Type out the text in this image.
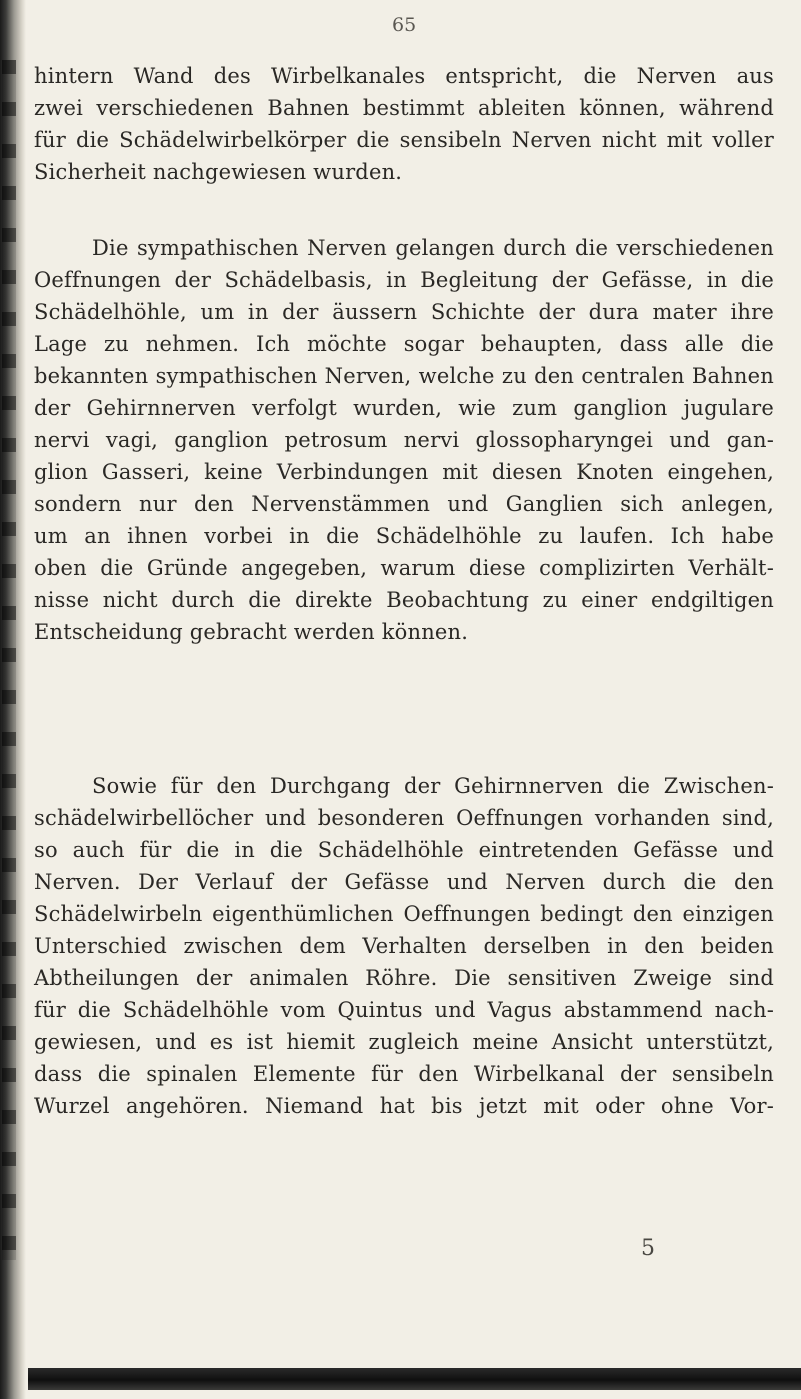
65
hintern Wand des Wirbelkanales entspricht, die Nerven aus
zwei verschiedenen Bahnen bestimmt ableiten können, während
für die Schädelwirbelkörper die sensibeln Nerven nicht mit voller
Sicherheit nachgewiesen wurden.
Die sympathischen Nerven gelangen durch die verschiedenen
Oeffnungen der Schädelbasis, in Begleitung der Gefässe, in die
Schädelhöhle, um in der äussern Schichte der dura mater ihre
Lage zu nehmen. Ich möchte sogar behaupten, dass alle die
bekannten sympathischen Nerven, welche zu den centralen Bahnen
der Gehirnnerven verfolgt wurden, wie zum ganglion jugulare
nervi vagi, ganglion petrosum nervi glossopharyngei und gan-
glion Gasseri, keine Verbindungen mit diesen Knoten eingehen,
sondern nur den Nervenstämmen und Ganglien sich anlegen,
um an ihnen vorbei in die Schädelhöhle zu laufen. Ich habe
oben die Gründe angegeben, warum diese complizirten Verhält-
nisse nicht durch die direkte Beobachtung zu einer endgiltigen
Entscheidung gebracht werden können.
Sowie für den Durchgang der Gehirnnerven die Zwischen-
schädelwirbellöcher und besonderen Oeffnungen vorhanden sind,
so auch für die in die Schädelhöhle eintretenden Gefässe und
Nerven. Der Verlauf der Gefässe und Nerven durch die den
Schädelwirbeln eigenthümlichen Oeffnungen bedingt den einzigen
Unterschied zwischen dem Verhalten derselben in den beiden
Abtheilungen der animalen Röhre. Die sensitiven Zweige sind
für die Schädelhöhle vom Quintus und Vagus abstammend nach-
gewiesen, und es ist hiemit zugleich meine Ansicht unterstützt,
dass die spinalen Elemente für den Wirbelkanal der sensibeln
Wurzel angehören. Niemand hat bis jetzt mit oder ohne Vor-
5
